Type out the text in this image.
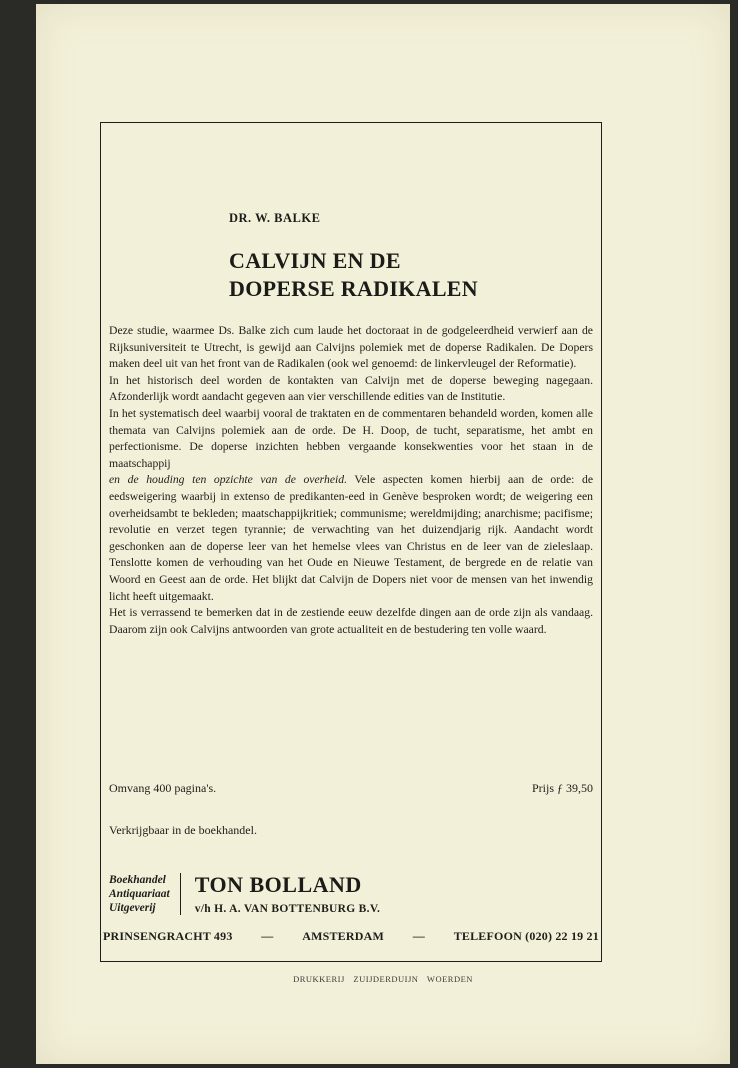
DR. W. BALKE

CALVIJN EN DE
DOPERSE RADIKALEN

Deze studie, waarmee Ds. Balke zich cum laude het doctoraat in de godgeleerdheid verwierf aan de Rijksuniversiteit te Utrecht, is gewijd aan Calvijns polemiek met de doperse Radikalen. De Dopers maken deel uit van het front van de Radikalen (ook wel genoemd: de linkervleugel der Reformatie).

In het historisch deel worden de kontakten van Calvijn met de doperse beweging nagegaan. Afzonderlijk wordt aandacht gegeven aan vier verschillende edities van de Institutie.

In het systematisch deel waarbij vooral de traktaten en de commentaren behandeld worden, komen alle themata van Calvijns polemiek aan de orde. De H. Doop, de tucht, separatisme, het ambt en perfectionisme. De doperse inzichten hebben vergaande konsekwenties voor het staan in de maatschappij

en de houding ten opzichte van de overheid. Vele aspecten komen hierbij aan de orde: de eedsweigering waarbij in extenso de predikanten-eed in Genève besproken wordt; de weigering een overheidsambt te bekleden; maatschappijkritiek; communisme; wereldmijding; anarchisme; pacifisme; revolutie en verzet tegen tyrannie; de verwachting van het duizendjarig rijk. Aandacht wordt geschonken aan de doperse leer van het hemelse vlees van Christus en de leer van de zieleslaap. Tenslotte komen de verhouding van het Oude en Nieuwe Testament, de bergrede en de relatie van Woord en Geest aan de orde. Het blijkt dat Calvijn de Dopers niet voor de mensen van het inwendig licht heeft uitgemaakt.

Het is verrassend te bemerken dat in de zestiende eeuw dezelfde dingen aan de orde zijn als vandaag. Daarom zijn ook Calvijns antwoorden van grote actualiteit en de bestudering ten volle waard.

Omvang 400 pagina's.	Prijs ƒ 39,50
Verkrijgbaar in de boekhandel.
Boekhandel
Antiquariaat
Uitgeverij
TON BOLLAND
v/h H. A. VAN BOTTENBURG B.V.
PRINSENGRACHT 493 — AMSTERDAM — TELEFOON (020) 22 19 21
DRUKKERIJ ZUIJDERDUIJN WOERDEN
